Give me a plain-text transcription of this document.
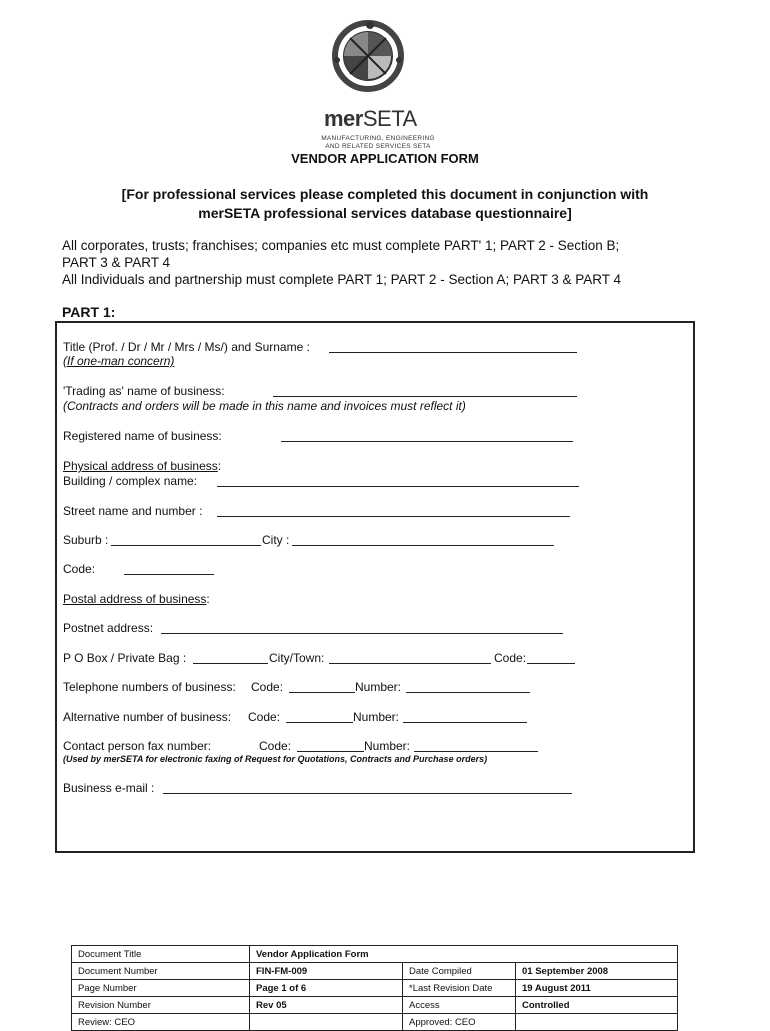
merSETA
MANUFACTURING, ENGINEERING
AND RELATED SERVICES SETA
VENDOR APPLICATION FORM
[For professional services please completed this document in conjunction with
merSETA professional services database questionnaire]
All corporates, trusts; franchises; companies etc must complete PART' 1; PART 2 - Section B;
PART 3 & PART 4
All Individuals and partnership must complete PART 1; PART 2 - Section A; PART 3 & PART 4
PART 1:
Title (Prof. / Dr / Mr / Mrs / Ms/) and Surname :
(If one-man concern)
'Trading as' name of business:
(Contracts and orders will be made in this name and invoices must reflect it)
Registered name of business:
Physical address of business:
Building / complex name:
Street name and number :
Suburb :	City :
Code:
Postal address of business:
Postnet address:
P O Box / Private Bag :	City/Town:	Code:
Telephone numbers of business: Code:	Number:
Alternative number of business: Code:	Number:
Contact person fax number:	Code:	Number:
(Used by merSETA for electronic faxing of Request for Quotations, Contracts and Purchase orders)
Business e-mail :
Document Title	Vendor Application Form		
Document Number	FIN-FM-009	Date Compiled	01 September 2008
Page Number	Page 1 of 6	*Last Revision Date	19 August 2011
Revision Number	Rev 05	Access	Controlled
Review: CEO		Approved: CEO	
